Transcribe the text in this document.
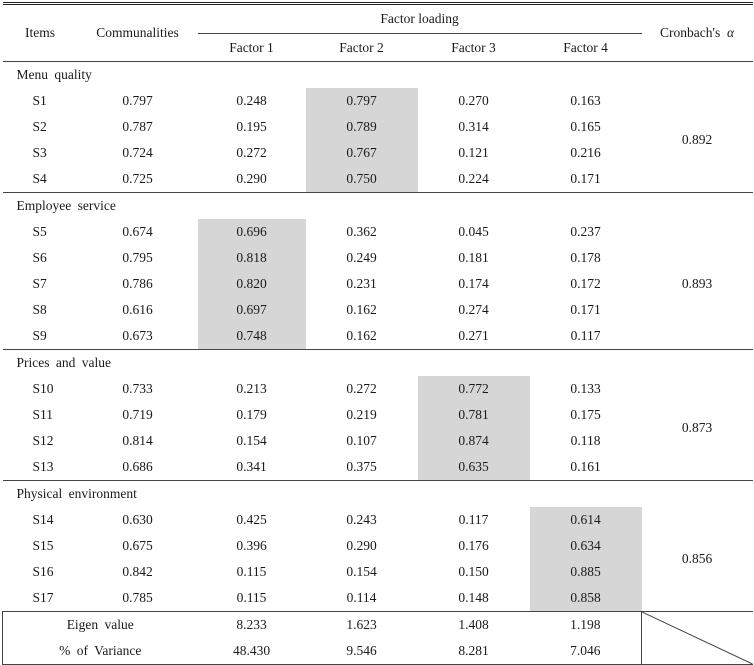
Items	Communalities	Factor loading				Cronbach's α
		Factor 1	Factor 2	Factor 3	Factor 4	
Menu quality						
S1	0.797	0.248	0.797	0.270	0.163	0.892
S2	0.787	0.195	0.789	0.314	0.165	
S3	0.724	0.272	0.767	0.121	0.216	
S4	0.725	0.290	0.750	0.224	0.171	
Employee service						
S5	0.674	0.696	0.362	0.045	0.237	0.893
S6	0.795	0.818	0.249	0.181	0.178	
S7	0.786	0.820	0.231	0.174	0.172	
S8	0.616	0.697	0.162	0.274	0.171	
S9	0.673	0.748	0.162	0.271	0.117	
Prices and value						
S10	0.733	0.213	0.272	0.772	0.133	0.873
S11	0.719	0.179	0.219	0.781	0.175	
S12	0.814	0.154	0.107	0.874	0.118	
S13	0.686	0.341	0.375	0.635	0.161	
Physical environment						
S14	0.630	0.425	0.243	0.117	0.614	0.856
S15	0.675	0.396	0.290	0.176	0.634	
S16	0.842	0.115	0.154	0.150	0.885	
S17	0.785	0.115	0.114	0.148	0.858	
Eigen value		8.233	1.623	1.408	1.198	

% of Variance		48.430	9.546	8.281	7.046	
